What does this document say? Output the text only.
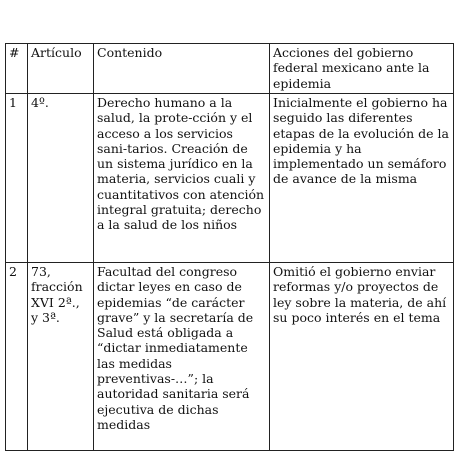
#	Artículo	Contenido	Acciones del gobierno federal mexicano ante la epidemia
1	4º.	Derecho humano a la salud, la prote-cción y el acceso a los servicios sani-tarios. Creación de un sistema jurídico en la materia, servicios cuali y cuantitativos con atención integral gratuita; derecho a la salud de los niños	Inicialmente el gobierno ha seguido las diferentes etapas de la evolución de la epidemia y ha implementado un semáforo de avance de la misma
2	73, fracción XVI 2ª., y 3ª.	Facultad del congreso dictar leyes en caso de epidemias “de carácter grave” y la secretaría de Salud está obligada a “dictar inmediatamente las medidas preventivas-…”; la autoridad sanitaria será ejecutiva de dichas medidas	Omitió el gobierno enviar reformas y/o proyectos de ley sobre la materia, de ahí su poco interés en el tema
